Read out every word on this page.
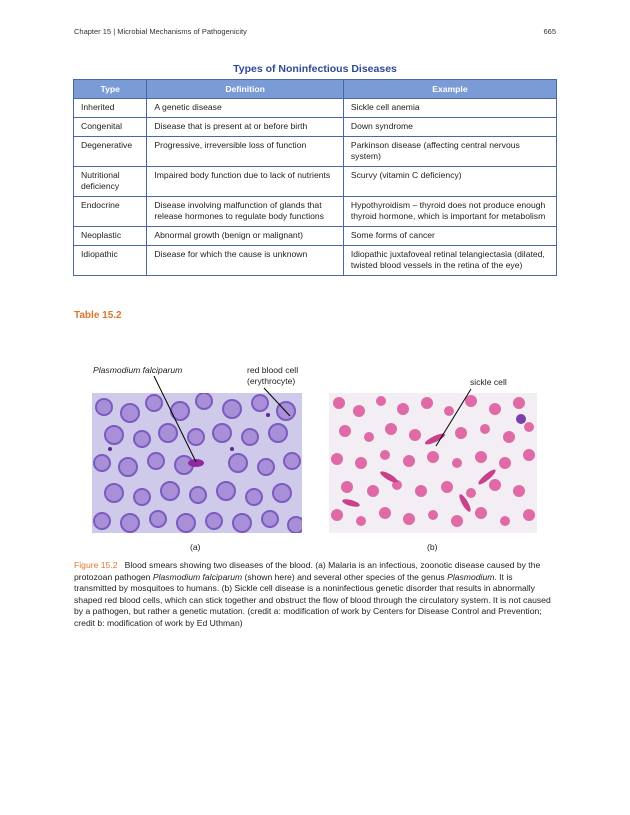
Chapter 15 | Microbial Mechanisms of Pathogenicity	665
Types of Noninfectious Diseases
Type	Definition	Example
Inherited	A genetic disease	Sickle cell anemia
Congenital	Disease that is present at or before birth	Down syndrome
Degenerative	Progressive, irreversible loss of function	Parkinson disease (affecting central nervous system)
Nutritional deficiency	Impaired body function due to lack of nutrients	Scurvy (vitamin C deficiency)
Endocrine	Disease involving malfunction of glands that release hormones to regulate body functions	Hypothyroidism – thyroid does not produce enough thyroid hormone, which is important for metabolism
Neoplastic	Abnormal growth (benign or malignant)	Some forms of cancer
Idiopathic	Disease for which the cause is unknown	Idiopathic juxtafoveal retinal telangiectasia (dilated, twisted blood vessels in the retina of the eye)
Table 15.2
Plasmodium falciparum	red blood cell
(erythrocyte)	sickle cell
(a)	(b)
Figure 15.2 Blood smears showing two diseases of the blood. (a) Malaria is an infectious, zoonotic disease caused by the protozoan pathogen Plasmodium falciparum (shown here) and several other species of the genus Plasmodium. It is transmitted by mosquitoes to humans. (b) Sickle cell disease is a noninfectious genetic disorder that results in abnormally shaped red blood cells, which can stick together and obstruct the flow of blood through the circulatory system. It is not caused by a pathogen, but rather a genetic mutation. (credit a: modification of work by Centers for Disease Control and Prevention; credit b: modification of work by Ed Uthman)
